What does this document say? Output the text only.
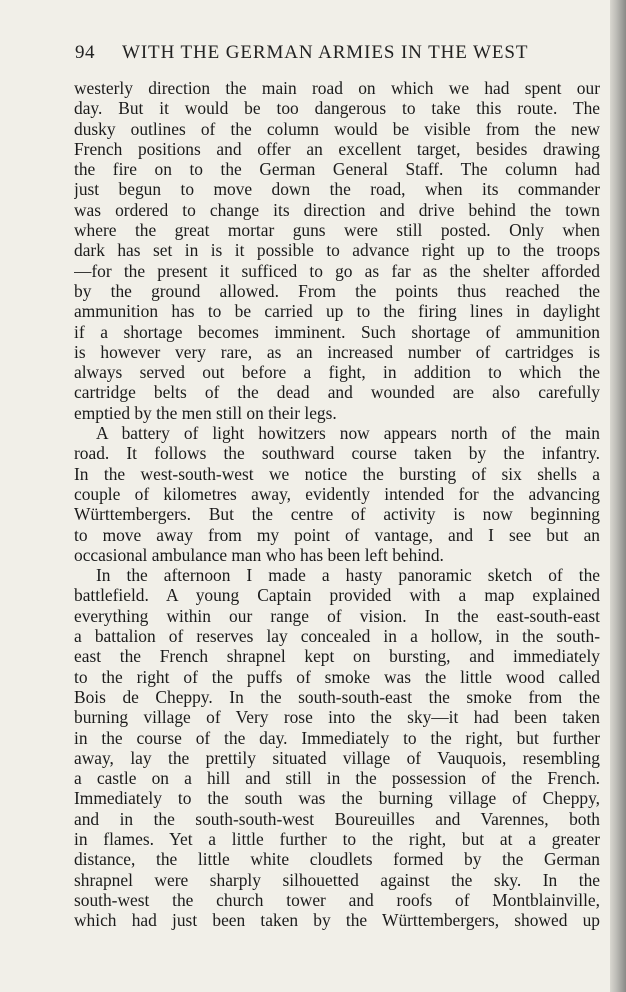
94 WITH THE GERMAN ARMIES IN THE WEST
westerly direction the main road on which we had spent our
day. But it would be too dangerous to take this route. The
dusky outlines of the column would be visible from the new
French positions and offer an excellent target, besides drawing
the fire on to the German General Staff. The column had
just begun to move down the road, when its commander
was ordered to change its direction and drive behind the town
where the great mortar guns were still posted. Only when
dark has set in is it possible to advance right up to the troops
—for the present it sufficed to go as far as the shelter afforded
by the ground allowed. From the points thus reached the
ammunition has to be carried up to the firing lines in daylight
if a shortage becomes imminent. Such shortage of ammunition
is however very rare, as an increased number of cartridges is
always served out before a fight, in addition to which the
cartridge belts of the dead and wounded are also carefully
emptied by the men still on their legs.
A battery of light howitzers now appears north of the main
road. It follows the southward course taken by the infantry.
In the west-south-west we notice the bursting of six shells a
couple of kilometres away, evidently intended for the advancing
Württembergers. But the centre of activity is now beginning
to move away from my point of vantage, and I see but an
occasional ambulance man who has been left behind.
In the afternoon I made a hasty panoramic sketch of the
battlefield. A young Captain provided with a map explained
everything within our range of vision. In the east-south-east
a battalion of reserves lay concealed in a hollow, in the south-
east the French shrapnel kept on bursting, and immediately
to the right of the puffs of smoke was the little wood called
Bois de Cheppy. In the south-south-east the smoke from the
burning village of Very rose into the sky—it had been taken
in the course of the day. Immediately to the right, but further
away, lay the prettily situated village of Vauquois, resembling
a castle on a hill and still in the possession of the French.
Immediately to the south was the burning village of Cheppy,
and in the south-south-west Boureuilles and Varennes, both
in flames. Yet a little further to the right, but at a greater
distance, the little white cloudlets formed by the German
shrapnel were sharply silhouetted against the sky. In the
south-west the church tower and roofs of Montblainville,
which had just been taken by the Württembergers, showed up
